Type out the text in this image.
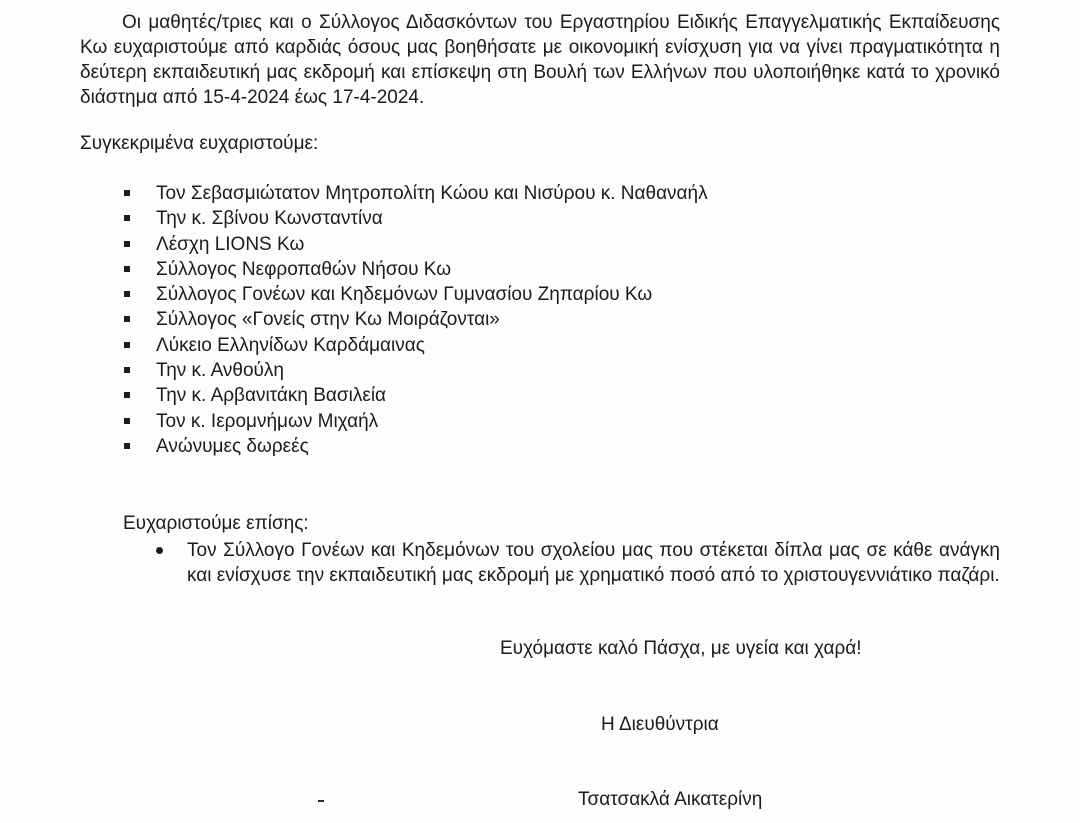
Οι μαθητές/τριες και ο Σύλλογος Διδασκόντων του Εργαστηρίου Ειδικής Επαγγελματικής Εκπαίδευσης Κω ευχαριστούμε από καρδιάς όσους μας βοηθήσατε με οικονομική ενίσχυση για να γίνει πραγματικότητα η δεύτερη εκπαιδευτική μας εκδρομή και επίσκεψη στη Βουλή των Ελλήνων που υλοποιήθηκε κατά το χρονικό διάστημα από 15-4-2024 έως 17-4-2024.

Συγκεκριμένα ευχαριστούμε:

Τον Σεβασμιώτατον Μητροπολίτη Κώου και Νισύρου κ. Ναθαναήλ
Την κ. Σβίνου Κωνσταντίνα
Λέσχη LIONS Κω
Σύλλογος Νεφροπαθών Νήσου Κω
Σύλλογος Γονέων και Κηδεμόνων Γυμνασίου Ζηπαρίου Κω
Σύλλογος «Γονείς στην Κω Μοιράζονται»
Λύκειο Ελληνίδων Καρδάμαινας
Την κ. Ανθούλη
Την κ. Αρβανιτάκη Βασιλεία
Τον κ. Ιερομνήμων Μιχαήλ
Ανώνυμες δωρεές

Ευχαριστούμε επίσης:

Τον Σύλλογο Γονέων και Κηδεμόνων του σχολείου μας που στέκεται δίπλα μας σε κάθε ανάγκη και ενίσχυσε την εκπαιδευτική μας εκδρομή με χρηματικό ποσό από το χριστουγεννιάτικο παζάρι.

Ευχόμαστε καλό Πάσχα, με υγεία και χαρά!

Η Διευθύντρια

Τσατσακλά Αικατερίνη
